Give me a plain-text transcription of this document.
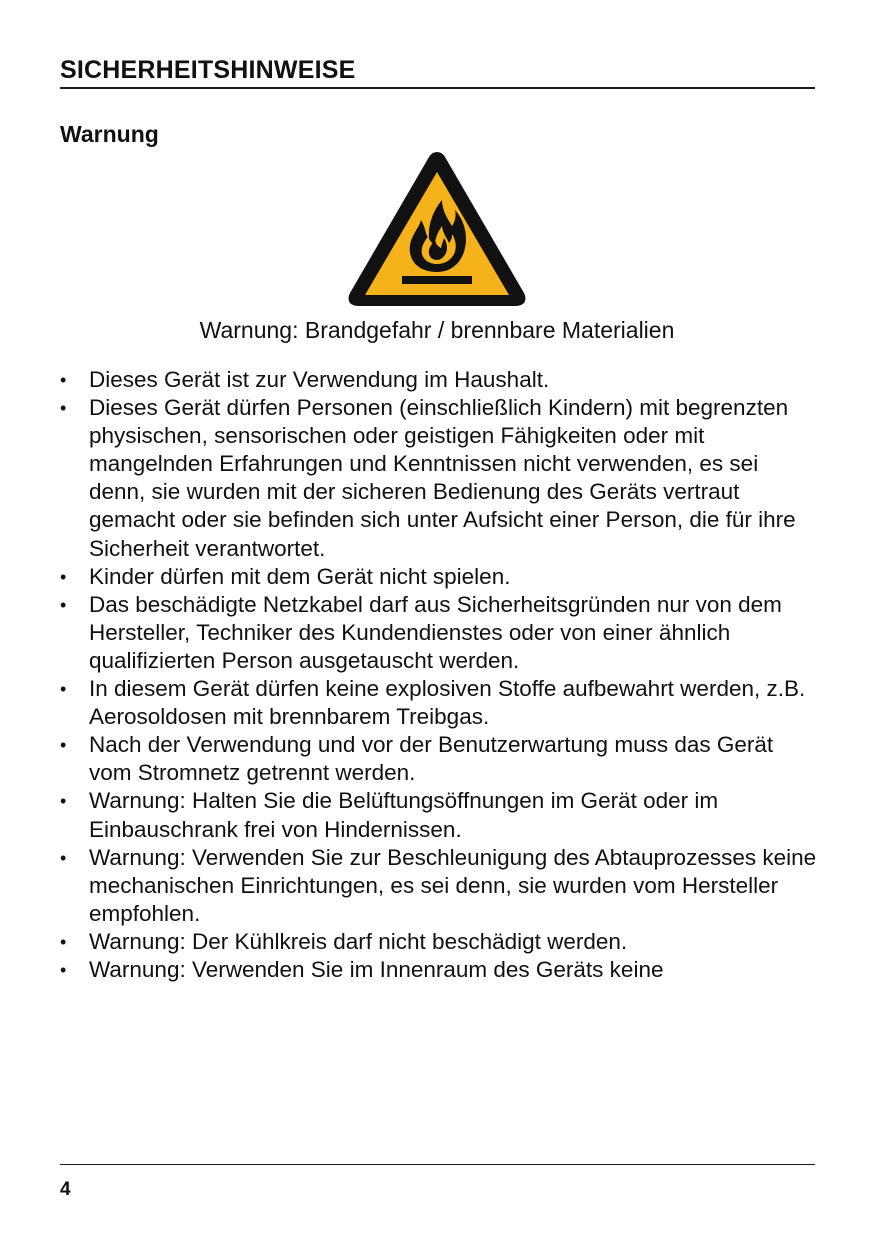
SICHERHEITSHINWEISE
Warnung
Warnung: Brandgefahr / brennbare Materialien
• Dieses Gerät ist zur Verwendung im Haushalt.
• Dieses Gerät dürfen Personen (einschließlich Kindern) mit begrenzten physischen, sensorischen oder geistigen Fähigkeiten oder mit mangelnden Erfahrungen und Kenntnissen nicht verwenden, es sei denn, sie wurden mit der sicheren Bedienung des Geräts vertraut gemacht oder sie befinden sich unter Aufsicht einer Person, die für ihre Sicherheit verantwortet.
• Kinder dürfen mit dem Gerät nicht spielen.
• Das beschädigte Netzkabel darf aus Sicherheitsgründen nur von dem Hersteller, Techniker des Kundendienstes oder von einer ähnlich qualifizierten Person ausgetauscht werden.
• In diesem Gerät dürfen keine explosiven Stoffe aufbewahrt werden, z.B. Aerosoldosen mit brennbarem Treibgas.
• Nach der Verwendung und vor der Benutzerwartung muss das Gerät vom Stromnetz getrennt werden.
• Warnung: Halten Sie die Belüftungsöffnungen im Gerät oder im Einbauschrank frei von Hindernissen.
• Warnung: Verwenden Sie zur Beschleunigung des Abtauprozesses keine mechanischen Einrichtungen, es sei denn, sie wurden vom Hersteller empfohlen.
• Warnung: Der Kühlkreis darf nicht beschädigt werden.
• Warnung: Verwenden Sie im Innenraum des Geräts keine
4
